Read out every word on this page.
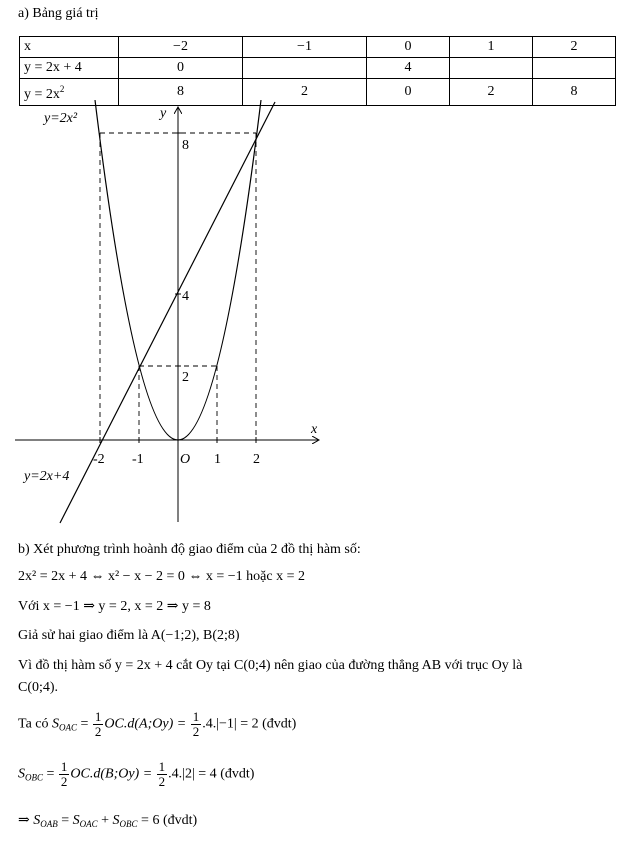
a) Bảng giá trị
x	−2	−1	0	1	2
y = 2x + 4	0		4		
$y = 2x^2$	8	2	0	2	8
x
y
O
-2 -1	1 2
8
4
2
y=2x²
y=2x+4
b) Xét phương trình hoành độ giao điểm của 2 đồ thị hàm số:
2x² = 2x + 4 ⇔ x² − x − 2 = 0 ⇔ x = −1 hoặc x = 2
Với x = −1 ⇒ y = 2, x = 2 ⇒ y = 8
Giả sử hai giao điểm là A(−1;2), B(2;8)
Vì đồ thị hàm số y = 2x + 4 cắt Oy tại C(0;4) nên giao của đường thẳng AB với trục Oy là
C(0;4).
Ta có $S_{OAC} = \frac{1}{2}$ OC.d(A;Oy) = $\frac{1}{2} .4.|-1| = 2$ (đvdt)
$S_{OBC} = \frac{1}{2}$ OC.d(B;Oy) = $\frac{1}{2} .4.|2| = 4$ (đvdt)
⇒ $S_{OAB} = S_{OAC} + S_{OBC} = 6$ (đvdt)
